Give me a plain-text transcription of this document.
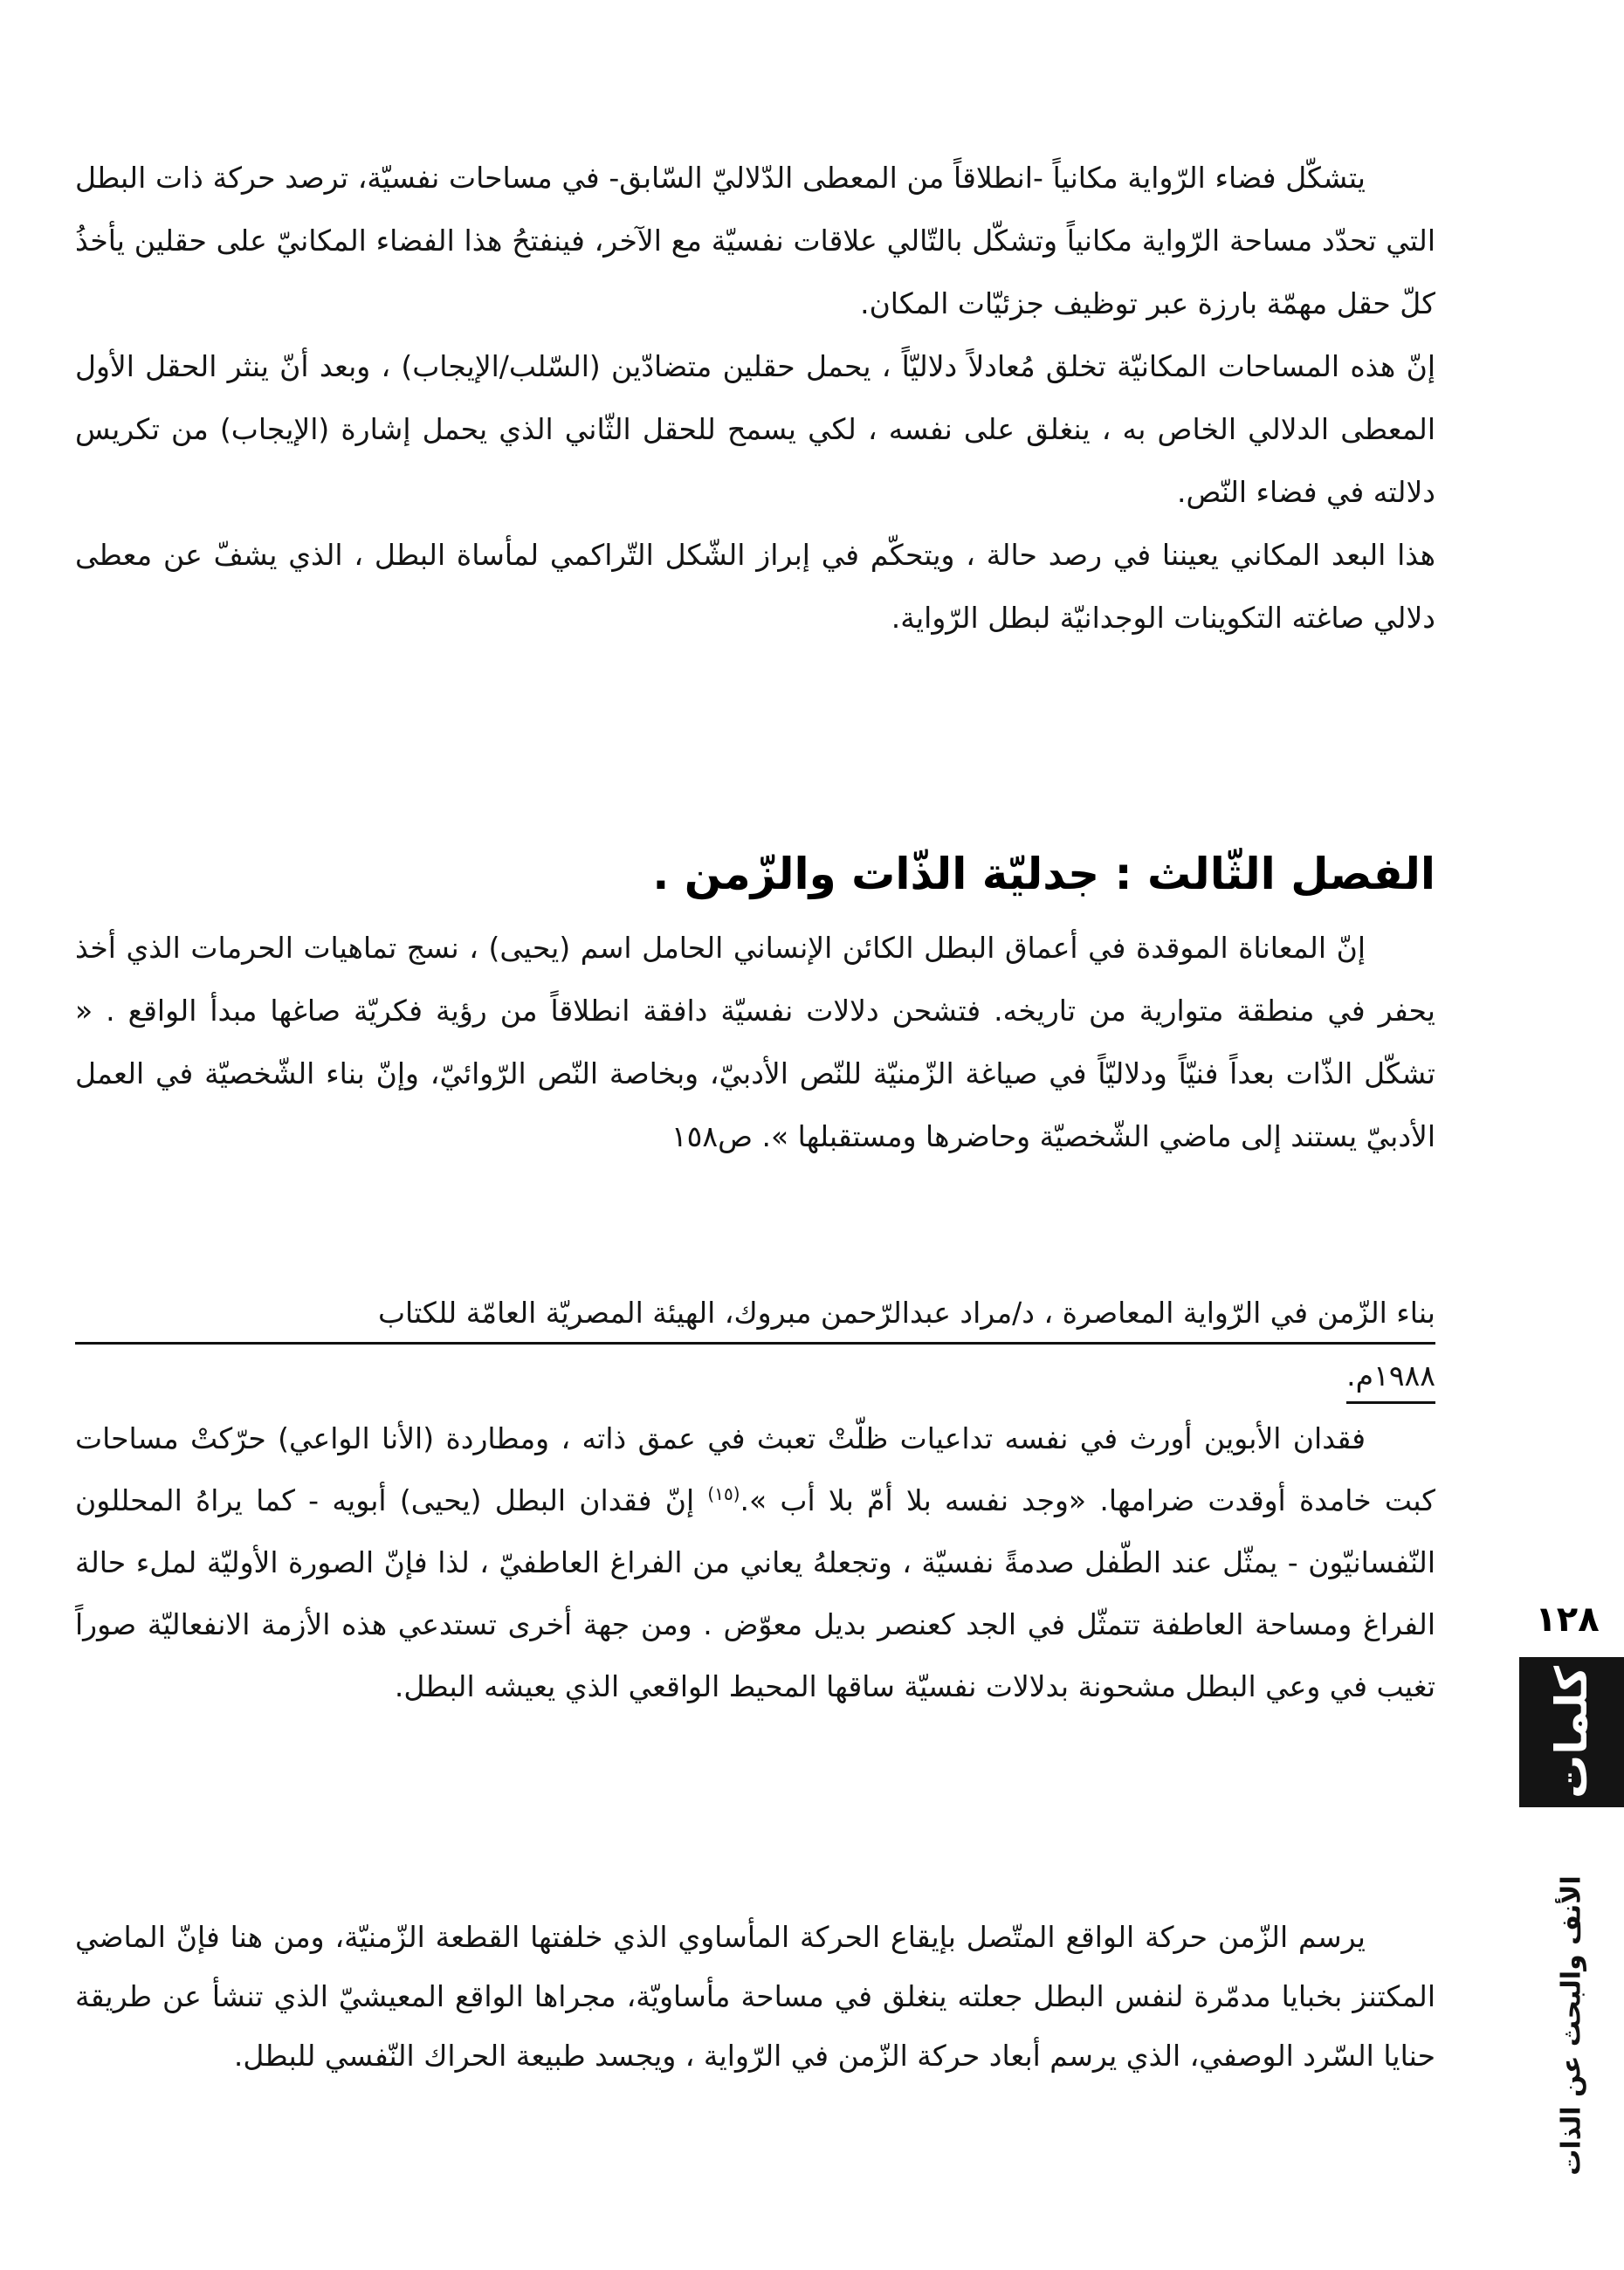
يتشكّل فضاء الرّواية مكانياً -انطلاقاً من المعطى الدّلاليّ السّابق- في مساحات نفسيّة، ترصد حركة ذات البطل التي تحدّد مساحة الرّواية مكانياً وتشكّل بالتّالي علاقات نفسيّة مع الآخر، فينفتحُ هذا الفضاء المكانيّ على حقلين يأخذُ كلّ حقل مهمّة بارزة عبر توظيف جزئيّات المكان.

إنّ هذه المساحات المكانيّة تخلق مُعادلاً دلاليّاً ، يحمل حقلين متضادّين (السّلب/الإيجاب) ، وبعد أنّ ينثر الحقل الأول المعطى الدلالي الخاص به ، ينغلق على نفسه ، لكي يسمح للحقل الثّاني الذي يحمل إشارة (الإيجاب) من تكريس دلالته في فضاء النّص.

هذا البعد المكاني يعيننا في رصد حالة ، ويتحكّم في إبراز الشّكل التّراكمي لمأساة البطل ، الذي يشفّ عن معطى دلالي صاغته التكوينات الوجدانيّة لبطل الرّواية.

الفصل الثّالث : جدليّة الذّات والزّمن .

إنّ المعاناة الموقدة في أعماق البطل الكائن الإنساني الحامل اسم (يحيى) ، نسج تماهيات الحرمات الذي أخذ يحفر في منطقة متوارية من تاريخه. فتشحن دلالات نفسيّة دافقة انطلاقاً من رؤية فكريّة صاغها مبدأ الواقع . « تشكّل الذّات بعداً فنيّاً ودلاليّاً في صياغة الزّمنيّة للنّص الأدبيّ، وبخاصة النّص الرّوائيّ، وإنّ بناء الشّخصيّة في العمل الأدبيّ يستند إلى ماضي الشّخصيّة وحاضرها ومستقبلها ». ص١٥٨

بناء الزّمن في الرّواية المعاصرة ، د/مراد عبدالرّحمن مبروك، الهيئة المصريّة العامّة للكتاب
١٩٨٨م.

فقدان الأبوين أورث في نفسه تداعيات ظلّتْ تعبث في عمق ذاته ، ومطاردة (الأنا الواعي) حرّكتْ مساحات كبت خامدة أوقدت ضرامها. «وجد نفسه بلا أمّ بلا أب ».$^{(١٥)}$ إنّ فقدان البطل (يحيى) أبويه - كما يراهُ المحللون النّفسانيّون - يمثّل عند الطّفل صدمةً نفسيّة ، وتجعلهُ يعاني من الفراغ العاطفيّ ، لذا فإنّ الصورة الأوليّة لملء حالة الفراغ ومساحة العاطفة تتمثّل في الجد كعنصر بديل معوّض . ومن جهة أخرى تستدعي هذه الأزمة الانفعاليّة صوراً تغيب في وعي البطل مشحونة بدلالات نفسيّة ساقها المحيط الواقعي الذي يعيشه البطل.

يرسم الزّمن حركة الواقع المتّصل بإيقاع الحركة المأساوي الذي خلفتها القطعة الزّمنيّة، ومن هنا فإنّ الماضي المكتنز بخبايا مدمّرة لنفس البطل جعلته ينغلق في مساحة مأساويّة، مجراها الواقع المعيشيّ الذي تنشأ عن طريقة حنايا السّرد الوصفي، الذي يرسم أبعاد حركة الزّمن في الرّواية ، ويجسد طبيعة الحراك النّفسي للبطل.

١٢٨
كلمات
الأنف والبحث عن الذات
